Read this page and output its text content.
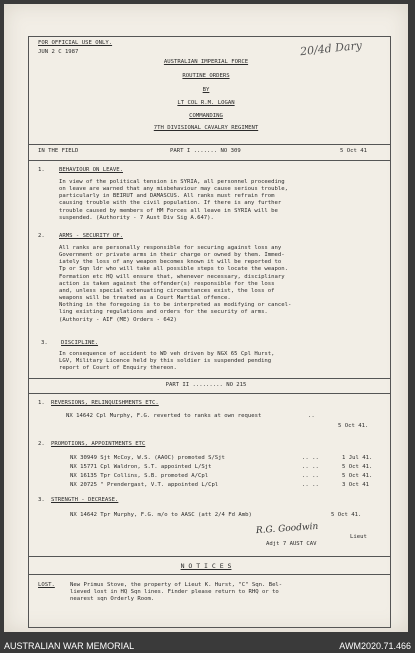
FOR OFFICIAL USE ONLY.
JUN 2 C 1987	20/4d Dary
AUSTRALIAN IMPERIAL FORCE
ROUTINE ORDERS
BY
LT COL R.M. LOGAN
COMMANDING
7TH DIVISIONAL CAVALRY REGIMENT
IN THE FIELD	PART I ....... NO 309	5 Oct 41
1.	BEHAVIOUR ON LEAVE.
In view of the political tension in SYRIA, all personnel proceeding
on leave are warned that any misbehaviour may cause serious trouble,
particularly in BEIRUT and DAMASCUS. All ranks must refrain from
causing trouble with the civil population. If there is any further
trouble caused by members of HM Forces all leave in SYRIA will be
suspended. (Authority - 7 Aust Div Sig A.647).
2.	ARMS - SECURITY OF.
All ranks are personally responsible for securing against loss any
Government or private arms in their charge or owned by them. Immed-
iately the loss of any weapon becomes known it will be reported to
Tp or Sqn ldr who will take all possible steps to locate the weapon.
Formation etc HQ will ensure that, whenever necessary, disciplinary
action is taken against the offender(s) responsible for the loss
and, unless special extenuating circumstances exist, the loss of
weapons will be treated as a Court Martial offence.
Nothing in the foregoing is to be interpreted as modifying or cancel-
ling existing regulations and orders for the security of arms.
(Authority - AIF (ME) Orders - 642)
3. DISCIPLINE.
In consequence of accident to WD veh driven by NGX 65 Cpl Hurst,
LGV, Military Licence held by this soldier is suspended pending
report of Court of Enquiry thereon.
PART II ......... NO 215
1. REVERSIONS, RELINQUISHMENTS ETC.
NX 14642 Cpl Murphy, F.G. reverted to ranks at own request	..
5 Oct 41.
2. PROMOTIONS, APPOINTMENTS ETC
NX 30949 Sjt McCoy, W.S. (AAOC) promoted S/Sjt	.. ..	1 Jul 41.
NX 15771 Cpl Waldron, S.T. appointed L/Sjt	.. ..	5 Oct 41.
NX 16135 Tpr Collins, S.B. promoted A/Cpl	.. ..	5 Oct 41.
NX 20725 " Prendergast, V.T. appointed L/Cpl	.. ..	3 Oct 41
3. STRENGTH - DECREASE.
NX 14642 Tpr Murphy, F.G. m/o to AASC (att 2/4 Fd Amb)	5 Oct 41.
R.G. Goodwin
Lieut
Adjt 7 AUST CAV
N O T I C E S
LOST.	New Primus Stove, the property of Lieut K. Hurst, "C" Sqn. Bel-
lieved lost in HQ Sqn lines. Finder please return to RHQ or to
nearest sqn Orderly Room.
AUSTRALIAN WAR MEMORIAL	AWM2020.71.466
